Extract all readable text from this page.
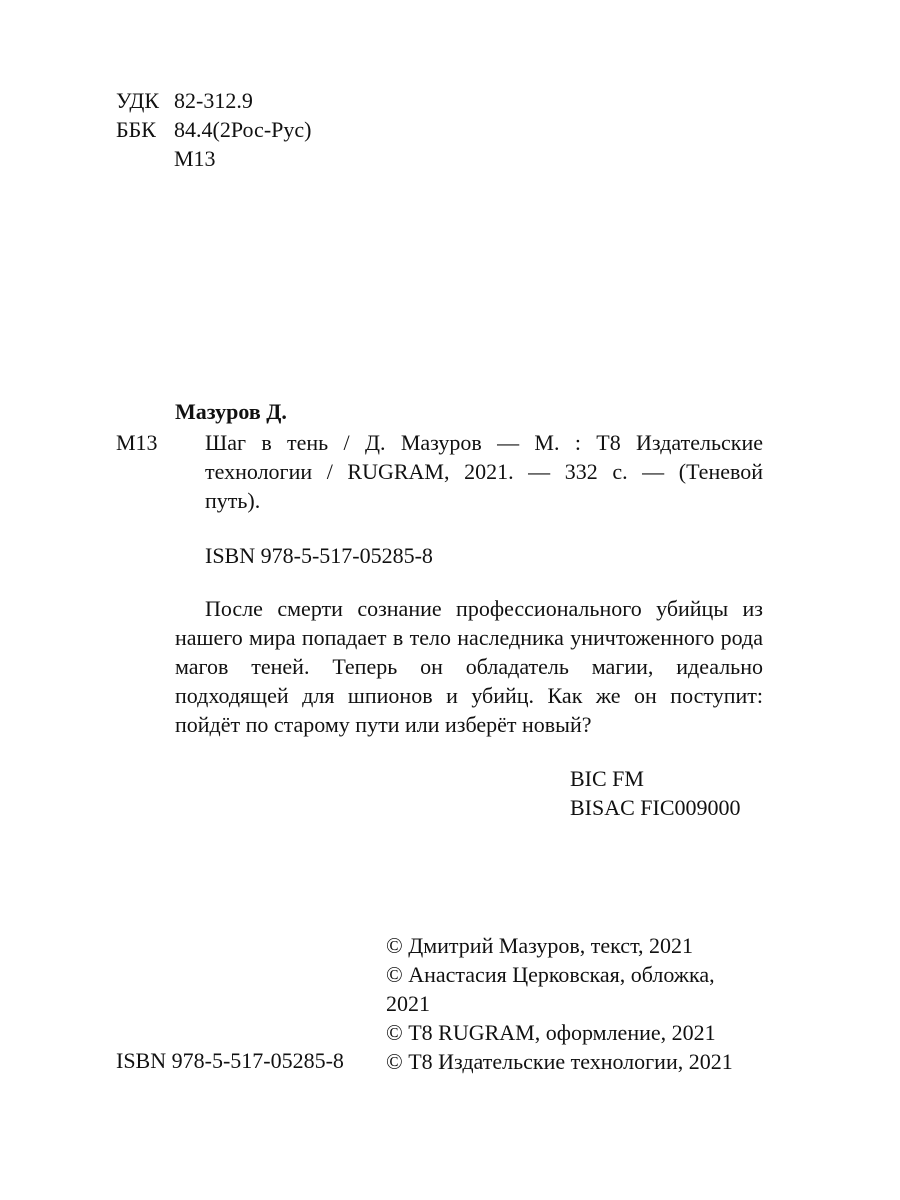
УДК 82-312.9
ББК 84.4(2Рос-Рус)
М13
Мазуров Д.
М13 Шаг в тень / Д. Мазуров — М. : Т8 Издательские
технологии / RUGRAM, 2021. — 332 с. — (Теневой
путь).
ISBN 978-5-517-05285-8

После смерти сознание профессионального убийцы из нашего мира попадает в тело наследника уничтоженного рода магов теней. Теперь он обладатель магии, идеально подходящей для шпионов и убийц. Как же он поступит: пойдёт по старому пути или изберёт новый?

BIC FM
BISAC FIC009000
© Дмитрий Мазуров, текст, 2021
© Анастасия Церковская, обложка,
2021
© Т8 RUGRAM, оформление, 2021
© Т8 Издательские технологии, 2021
ISBN 978-5-517-05285-8
